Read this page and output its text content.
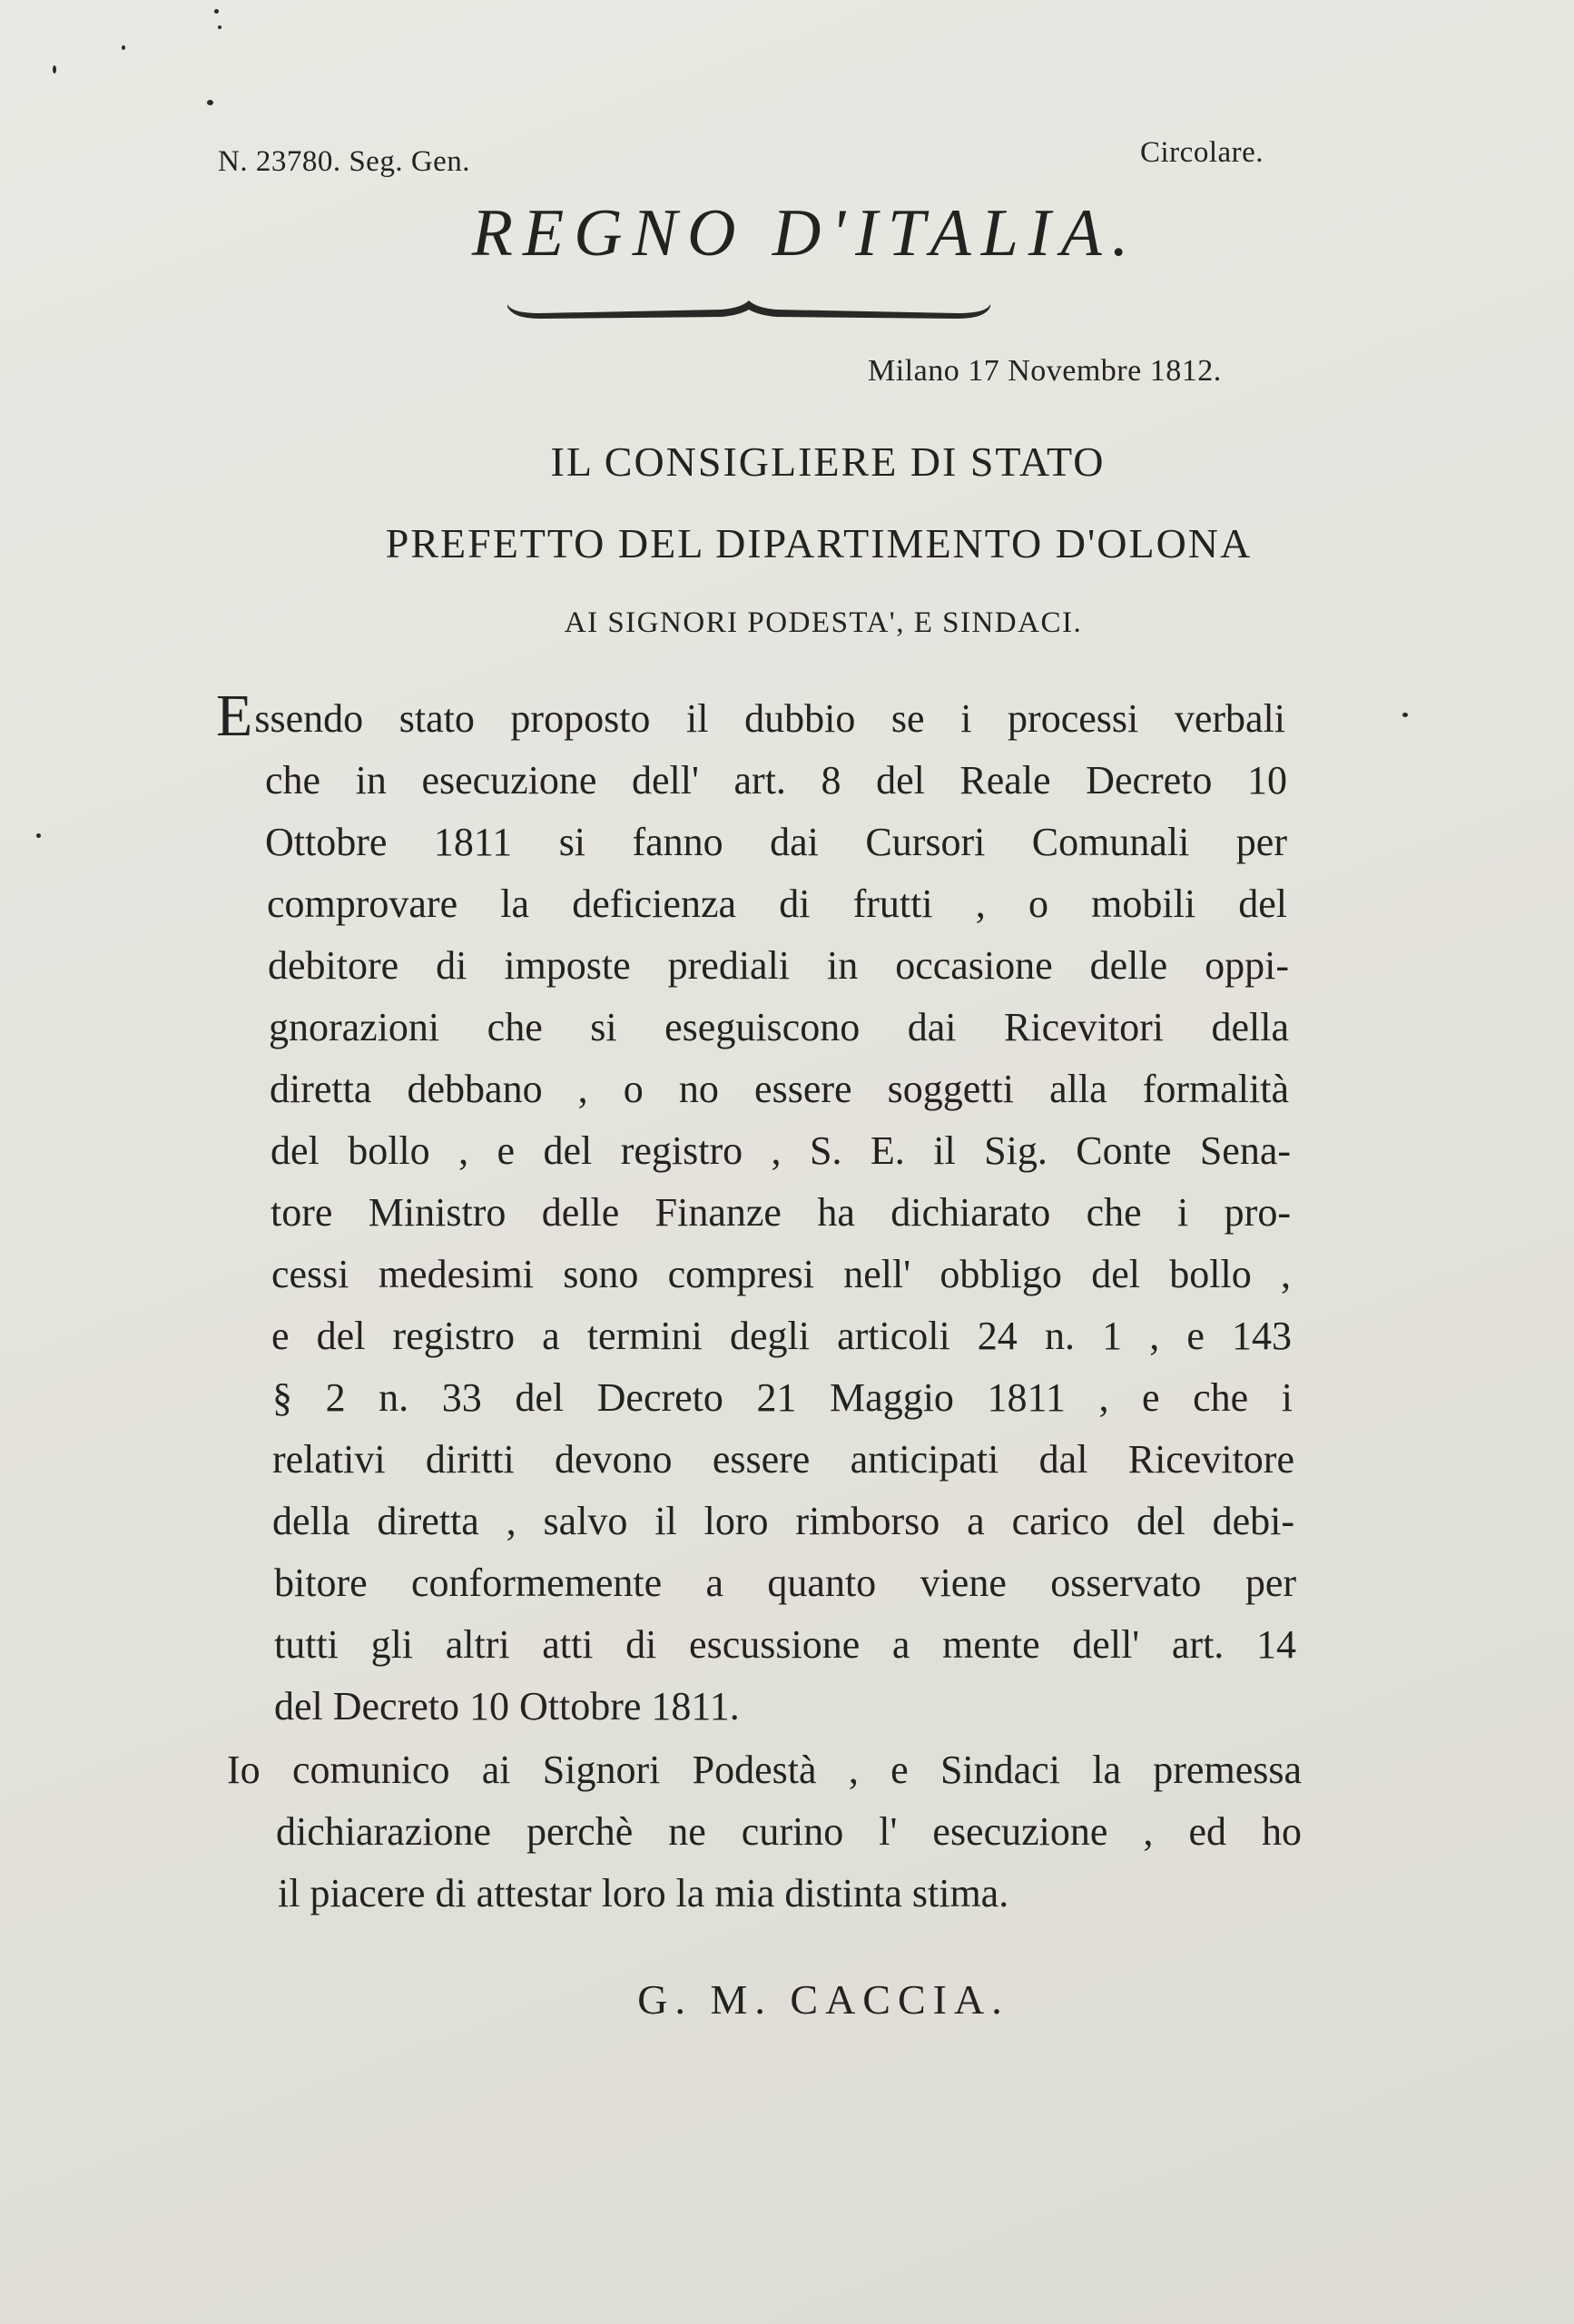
N. 23780. Seg. Gen.	Circolare.
REGNO D'ITALIA.
Milano 17 Novembre 1812.
IL CONSIGLIERE DI STATO
PREFETTO DEL DIPARTIMENTO D'OLONA
AI SIGNORI PODESTA', E SINDACI.
Essendo stato proposto il dubbio se i processi verbali
che in esecuzione dell' art. 8 del Reale Decreto 10
Ottobre 1811 si fanno dai Cursori Comunali per
comprovare la deficienza di frutti , o mobili del
debitore di imposte prediali in occasione delle oppi-
gnorazioni che si eseguiscono dai Ricevitori della
diretta debbano , o no essere soggetti alla formalità
del bollo , e del registro , S. E. il Sig. Conte Sena-
tore Ministro delle Finanze ha dichiarato che i pro-
cessi medesimi sono compresi nell' obbligo del bollo ,
e del registro a termini degli articoli 24 n. 1 , e 143
§ 2 n. 33 del Decreto 21 Maggio 1811 , e che i
relativi diritti devono essere anticipati dal Ricevitore
della diretta , salvo il loro rimborso a carico del debi-
bitore conformemente a quanto viene osservato per
tutti gli altri atti di escussione a mente dell' art. 14
del Decreto 10 Ottobre 1811.
Io comunico ai Signori Podestà , e Sindaci la premessa
dichiarazione perchè ne curino l' esecuzione , ed ho
il piacere di attestar loro la mia distinta stima.
G. M. CACCIA.
